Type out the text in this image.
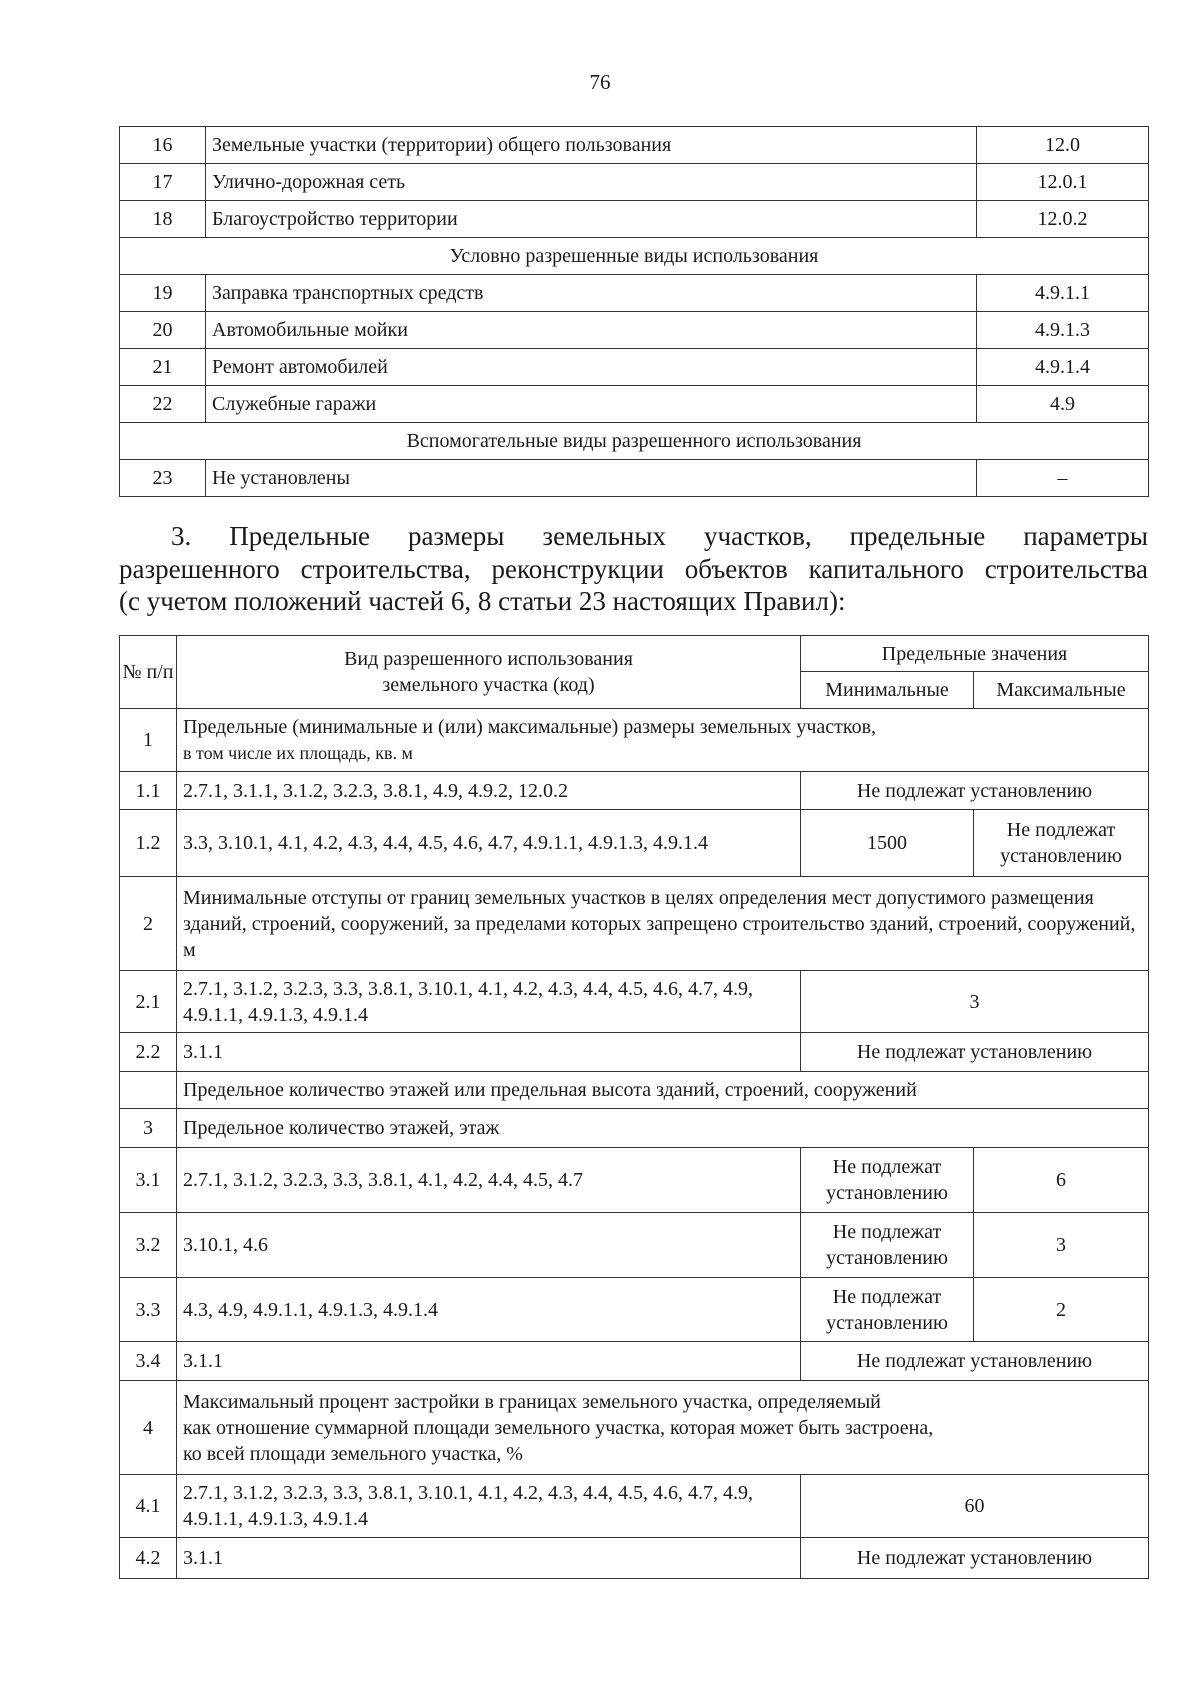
76
16	Земельные участки (территории) общего пользования	12.0
17	Улично-дорожная сеть	12.0.1
18	Благоустройство территории	12.0.2
Условно разрешенные виды использования		
19	Заправка транспортных средств	4.9.1.1
20	Автомобильные мойки	4.9.1.3
21	Ремонт автомобилей	4.9.1.4
22	Служебные гаражи	4.9
Вспомогательные виды разрешенного использования		
23	Не установлены	–
3. Предельные размеры земельных участков, предельные параметры
разрешенного строительства, реконструкции объектов капитального строительства
(с учетом положений частей 6, 8 статьи 23 настоящих Правил):
№ п/п	Вид разрешенного использования земельного участка (код)	Предельные значения	
		Минимальные	Максимальные
1	Предельные (минимальные и (или) максимальные) размеры земельных участков,
в том числе их площадь, кв. м		

1.1	2.7.1, 3.1.1, 3.1.2, 3.2.3, 3.8.1, 4.9, 4.9.2, 12.0.2	Не подлежат установлению	
1.2	3.3, 3.10.1, 4.1, 4.2, 4.3, 4.4, 4.5, 4.6, 4.7, 4.9.1.1, 4.9.1.3, 4.9.1.4	1500	Не подлежат установлению
2	Минимальные отступы от границ земельных участков в целях определения мест допустимого размещения зданий, строений, сооружений, за пределами которых запрещено строительство зданий, строений, сооружений, м		
2.1	2.7.1, 3.1.2, 3.2.3, 3.3, 3.8.1, 3.10.1, 4.1, 4.2, 4.3, 4.4, 4.5, 4.6, 4.7, 4.9, 4.9.1.1, 4.9.1.3, 4.9.1.4	3	
2.2	3.1.1	Не подлежат установлению	
	Предельное количество этажей или предельная высота зданий, строений, сооружений		
3	Предельное количество этажей, этаж		
3.1	2.7.1, 3.1.2, 3.2.3, 3.3, 3.8.1, 4.1, 4.2, 4.4, 4.5, 4.7	Не подлежат установлению	6
3.2	3.10.1, 4.6	Не подлежат установлению	3
3.3	4.3, 4.9, 4.9.1.1, 4.9.1.3, 4.9.1.4	Не подлежат установлению	2
3.4	3.1.1	Не подлежат установлению	
4	Максимальный процент застройки в границах земельного участка, определяемый
как отношение суммарной площади земельного участка, которая может быть застроена,
ко всей площади земельного участка, %		

4.1	2.7.1, 3.1.2, 3.2.3, 3.3, 3.8.1, 3.10.1, 4.1, 4.2, 4.3, 4.4, 4.5, 4.6, 4.7, 4.9, 4.9.1.1, 4.9.1.3, 4.9.1.4	60	
4.2	3.1.1	Не подлежат установлению	
